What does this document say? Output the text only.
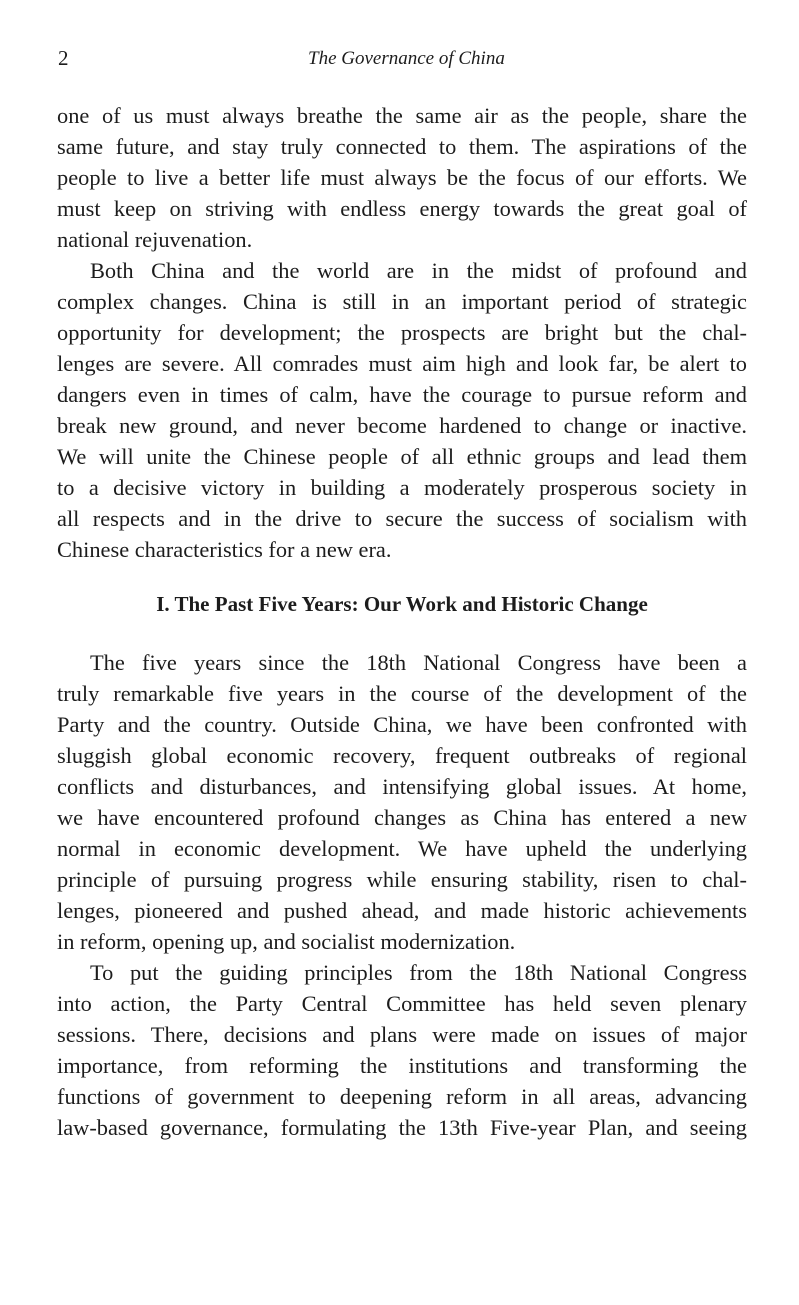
2	The Governance of China
one of us must always breathe the same air as the people, share the
same future, and stay truly connected to them. The aspirations of the
people to live a better life must always be the focus of our efforts. We
must keep on striving with endless energy towards the great goal of
national rejuvenation.
Both China and the world are in the midst of profound and
complex changes. China is still in an important period of strategic
opportunity for development; the prospects are bright but the chal-
lenges are severe. All comrades must aim high and look far, be alert to
dangers even in times of calm, have the courage to pursue reform and
break new ground, and never become hardened to change or inactive.
We will unite the Chinese people of all ethnic groups and lead them
to a decisive victory in building a moderately prosperous society in
all respects and in the drive to secure the success of socialism with
Chinese characteristics for a new era.
I. The Past Five Years: Our Work and Historic Change
The five years since the 18th National Congress have been a
truly remarkable five years in the course of the development of the
Party and the country. Outside China, we have been confronted with
sluggish global economic recovery, frequent outbreaks of regional
conflicts and disturbances, and intensifying global issues. At home,
we have encountered profound changes as China has entered a new
normal in economic development. We have upheld the underlying
principle of pursuing progress while ensuring stability, risen to chal-
lenges, pioneered and pushed ahead, and made historic achievements
in reform, opening up, and socialist modernization.
To put the guiding principles from the 18th National Congress
into action, the Party Central Committee has held seven plenary
sessions. There, decisions and plans were made on issues of major
importance, from reforming the institutions and transforming the
functions of government to deepening reform in all areas, advancing
law-based governance, formulating the 13th Five-year Plan, and seeing
